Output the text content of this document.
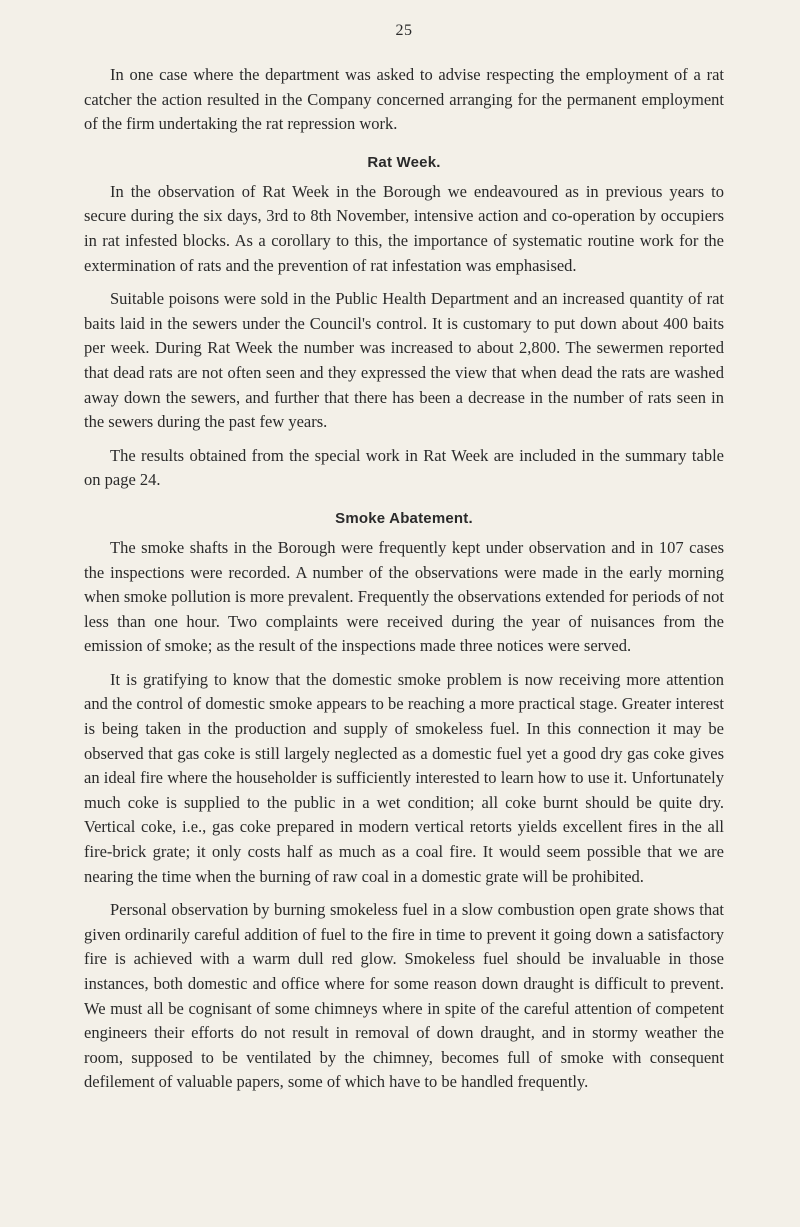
25

In one case where the department was asked to advise respecting the employment of a rat catcher the action resulted in the Company concerned arranging for the permanent employment of the firm undertaking the rat repression work.

Rat Week.

In the observation of Rat Week in the Borough we endeavoured as in previous years to secure during the six days, 3rd to 8th November, intensive action and co-operation by occupiers in rat infested blocks. As a corollary to this, the importance of systematic routine work for the extermination of rats and the prevention of rat infestation was emphasised.

Suitable poisons were sold in the Public Health Department and an increased quantity of rat baits laid in the sewers under the Council's control. It is customary to put down about 400 baits per week. During Rat Week the number was increased to about 2,800. The sewermen reported that dead rats are not often seen and they expressed the view that when dead the rats are washed away down the sewers, and further that there has been a decrease in the number of rats seen in the sewers during the past few years.

The results obtained from the special work in Rat Week are included in the summary table on page 24.

Smoke Abatement.

The smoke shafts in the Borough were frequently kept under observation and in 107 cases the inspections were recorded. A number of the observations were made in the early morning when smoke pollution is more prevalent. Frequently the observations extended for periods of not less than one hour. Two complaints were received during the year of nuisances from the emission of smoke; as the result of the inspections made three notices were served.

It is gratifying to know that the domestic smoke problem is now receiving more attention and the control of domestic smoke appears to be reaching a more practical stage. Greater interest is being taken in the production and supply of smokeless fuel. In this connection it may be observed that gas coke is still largely neglected as a domestic fuel yet a good dry gas coke gives an ideal fire where the householder is sufficiently interested to learn how to use it. Unfortunately much coke is supplied to the public in a wet condition; all coke burnt should be quite dry. Vertical coke, i.e., gas coke prepared in modern vertical retorts yields excellent fires in the all fire-brick grate; it only costs half as much as a coal fire. It would seem possible that we are nearing the time when the burning of raw coal in a domestic grate will be prohibited.

Personal observation by burning smokeless fuel in a slow combustion open grate shows that given ordinarily careful addition of fuel to the fire in time to prevent it going down a satisfactory fire is achieved with a warm dull red glow. Smokeless fuel should be invaluable in those instances, both domestic and office where for some reason down draught is difficult to prevent. We must all be cognisant of some chimneys where in spite of the careful attention of competent engineers their efforts do not result in removal of down draught, and in stormy weather the room, supposed to be ventilated by the chimney, becomes full of smoke with consequent defilement of valuable papers, some of which have to be handled frequently.
